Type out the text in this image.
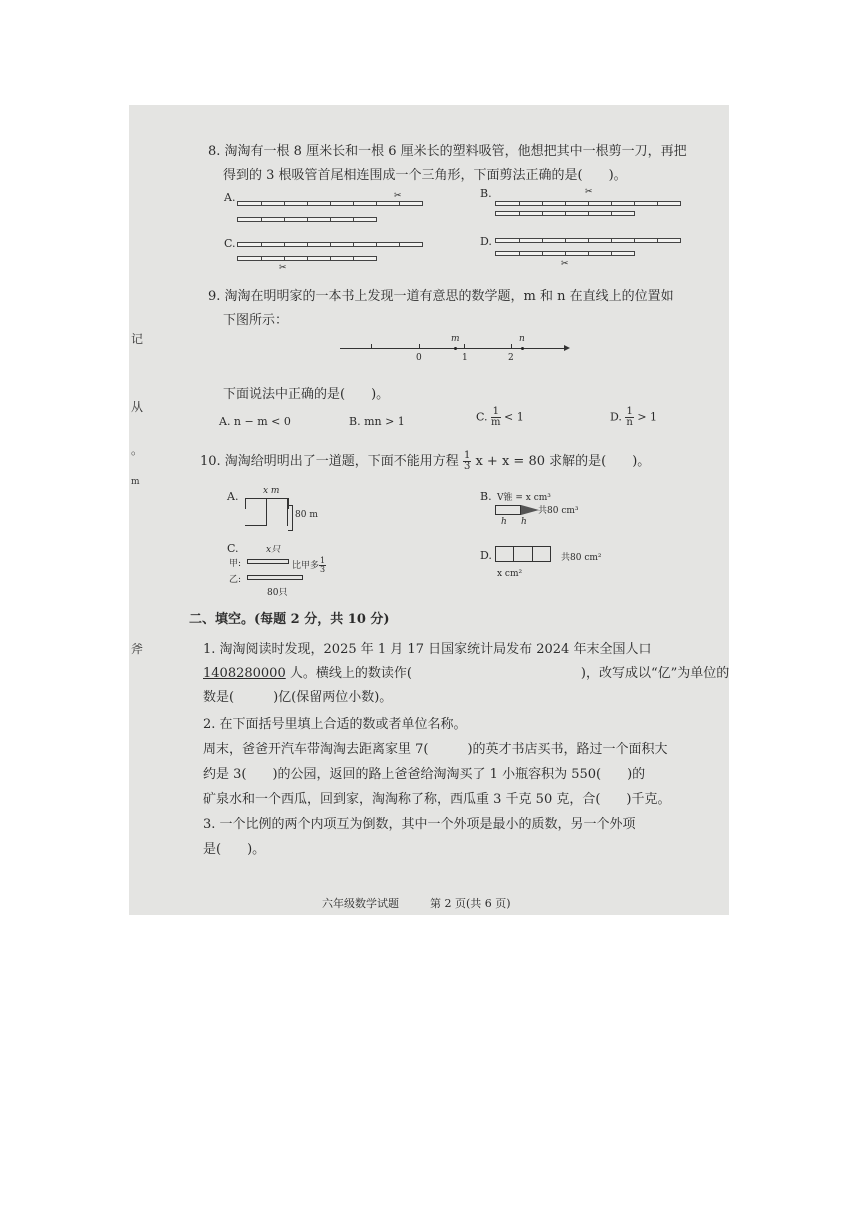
记
从
。
m
斧
8. 淘淘有一根 8 厘米长和一根 6 厘米长的塑料吸管，他想把其中一根剪一刀，再把
得到的 3 根吸管首尾相连围成一个三角形，下面剪法正确的是(　　)。
A.	✂	B.	✂
C.
✂
D.
✂
9. 淘淘在明明家的一本书上发现一道有意思的数学题，m 和 n 在直线上的位置如
下图所示：
0	1	2
m	n
下面说法中正确的是(　　)。
A. n − m < 0	B. mn > 1	C. $\frac{1}{m} < 1$	D. $\frac{1}{n} > 1$
10. 淘淘给明明出了一道题，下面不能用方程 $\frac{1}{3}$ x + x = 80 求解的是(　　)。
A.	x m
80 m
B. V锥 = x cm³
共80 cm³
h h
C.	x只
甲:
乙:
比甲多 $\frac{1}{3}$
80只
D.	共80 cm²
x cm²
二、填空。(每题 2 分，共 10 分)
1. 淘淘阅读时发现，2025 年 1 月 17 日国家统计局发布 2024 年末全国人口
1408280000 人。横线上的数读作(　　　　　　　　　　　　　)，改写成以“亿”为单位的
数是(　　　)亿(保留两位小数)。
2. 在下面括号里填上合适的数或者单位名称。
周末，爸爸开汽车带淘淘去距离家里 7(　　　)的英才书店买书，路过一个面积大
约是 3(　　)的公园，返回的路上爸爸给淘淘买了 1 小瓶容积为 550(　　)的
矿泉水和一个西瓜，回到家，淘淘称了称，西瓜重 3 千克 50 克，合(　　)千克。
3. 一个比例的两个内项互为倒数，其中一个外项是最小的质数，另一个外项
是(　　)。
六年级数学试题	第 2 页(共 6 页)
